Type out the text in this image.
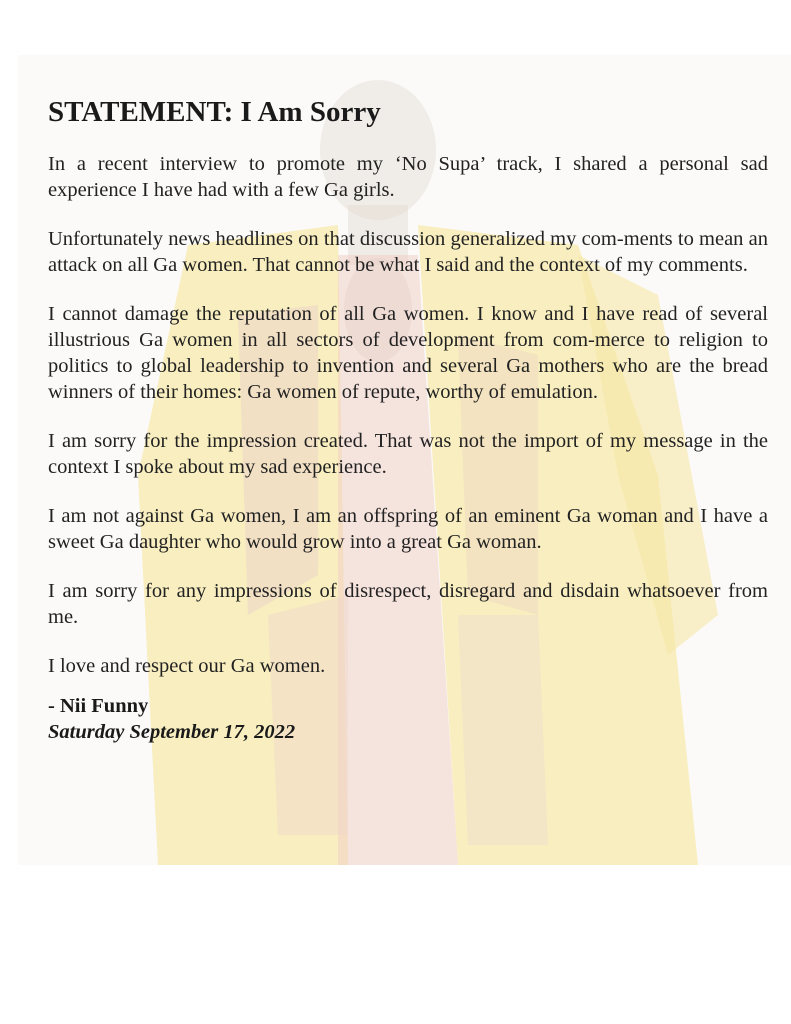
STATEMENT: I Am Sorry

In a recent interview to promote my ‘No Supa’ track, I shared a personal sad experience I have had with a few Ga girls.

Unfortunately news headlines on that discussion generalized my com-ments to mean an attack on all Ga women. That cannot be what I said and the context of my comments.

I cannot damage the reputation of all Ga women. I know and I have read of several illustrious Ga women in all sectors of development from com-merce to religion to politics to global leadership to invention and several Ga mothers who are the bread winners of their homes: Ga women of repute, worthy of emulation.

I am sorry for the impression created. That was not the import of my message in the context I spoke about my sad experience.

I am not against Ga women, I am an offspring of an eminent Ga woman and I have a sweet Ga daughter who would grow into a great Ga woman.

I am sorry for any impressions of disrespect, disregard and disdain whatsoever from me.

I love and respect our Ga women.

- Nii Funny

Saturday September 17, 2022
